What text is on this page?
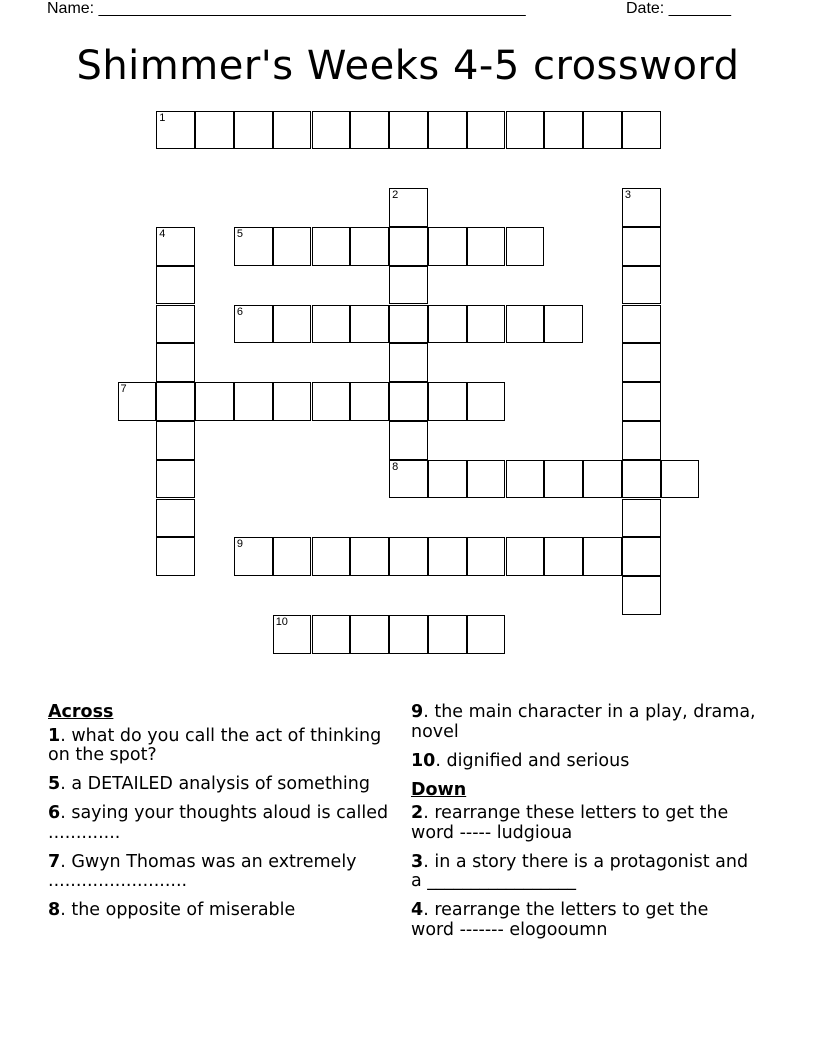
Name: ________________________________________________	Date: _______
Shimmer's Weeks 4-5 crossword
1
2
8
3
4	5
6
7
9
10
Across
1. what do you call the act of thinking on the spot?
5. a DETAILED analysis of something
6. saying your thoughts aloud is called .............
7. Gwyn Thomas was an extremely .........................
8. the opposite of miserable
9. the main character in a play, drama, novel
10. dignified and serious
Down
2. rearrange these letters to get the word ----- ludgioua
3. in a story there is a protagonist and a _________________
4. rearrange the letters to get the word ------- elogooumn
